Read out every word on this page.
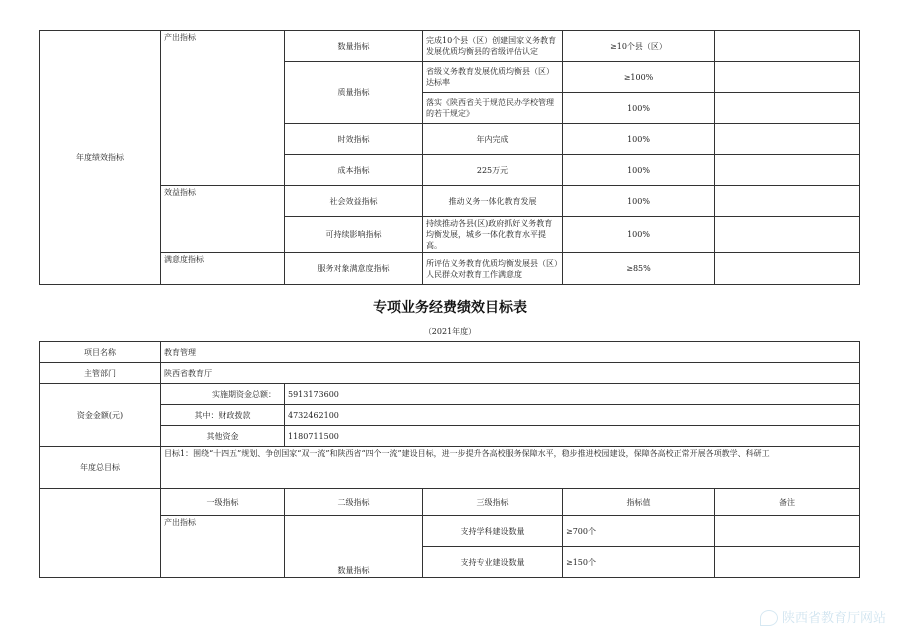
年度绩效指标	产出指标	数量指标	完成10个县（区）创建国家义务教育发展优质均衡县的省级评估认定	≥10个县（区）	
		质量指标	省级义务教育发展优质均衡县（区）达标率	≥100%	
			落实《陕西省关于规范民办学校管理的若干规定》	100%	
		时效指标	年内完成	100%	
		成本指标	225万元	100%	
	效益指标	社会效益指标	推动义务一体化教育发展	100%	
		可持续影响指标	持续推动各县(区)政府抓好义务教育均衡发展，城乡一体化教育水平提高。	100%	
	满意度指标	服务对象满意度指标	所评估义务教育优质均衡发展县（区）人民群众对教育工作满意度	≥85%	
专项业务经费绩效目标表
（2021年度）
项目名称	教育管理				
主管部门	陕西省教育厅				
资金金额(元)	实施期资金总额：	5913173600			
	其中：财政拨款	4732462100			
	其他资金	1180711500			
年度总目标	目标1：围绕“十四五”规划、争创国家“双一流”和陕西省“四个一流”建设目标，进一步提升各高校服务保障水平，稳步推进校园建设，保障各高校正常开展各项教学、科研工				
	一级指标	二级指标	三级指标	指标值	备注
	产出指标	数量指标	支持学科建设数量	≥700个	
			支持专业建设数量	≥150个	
陕西省教育厅网站
